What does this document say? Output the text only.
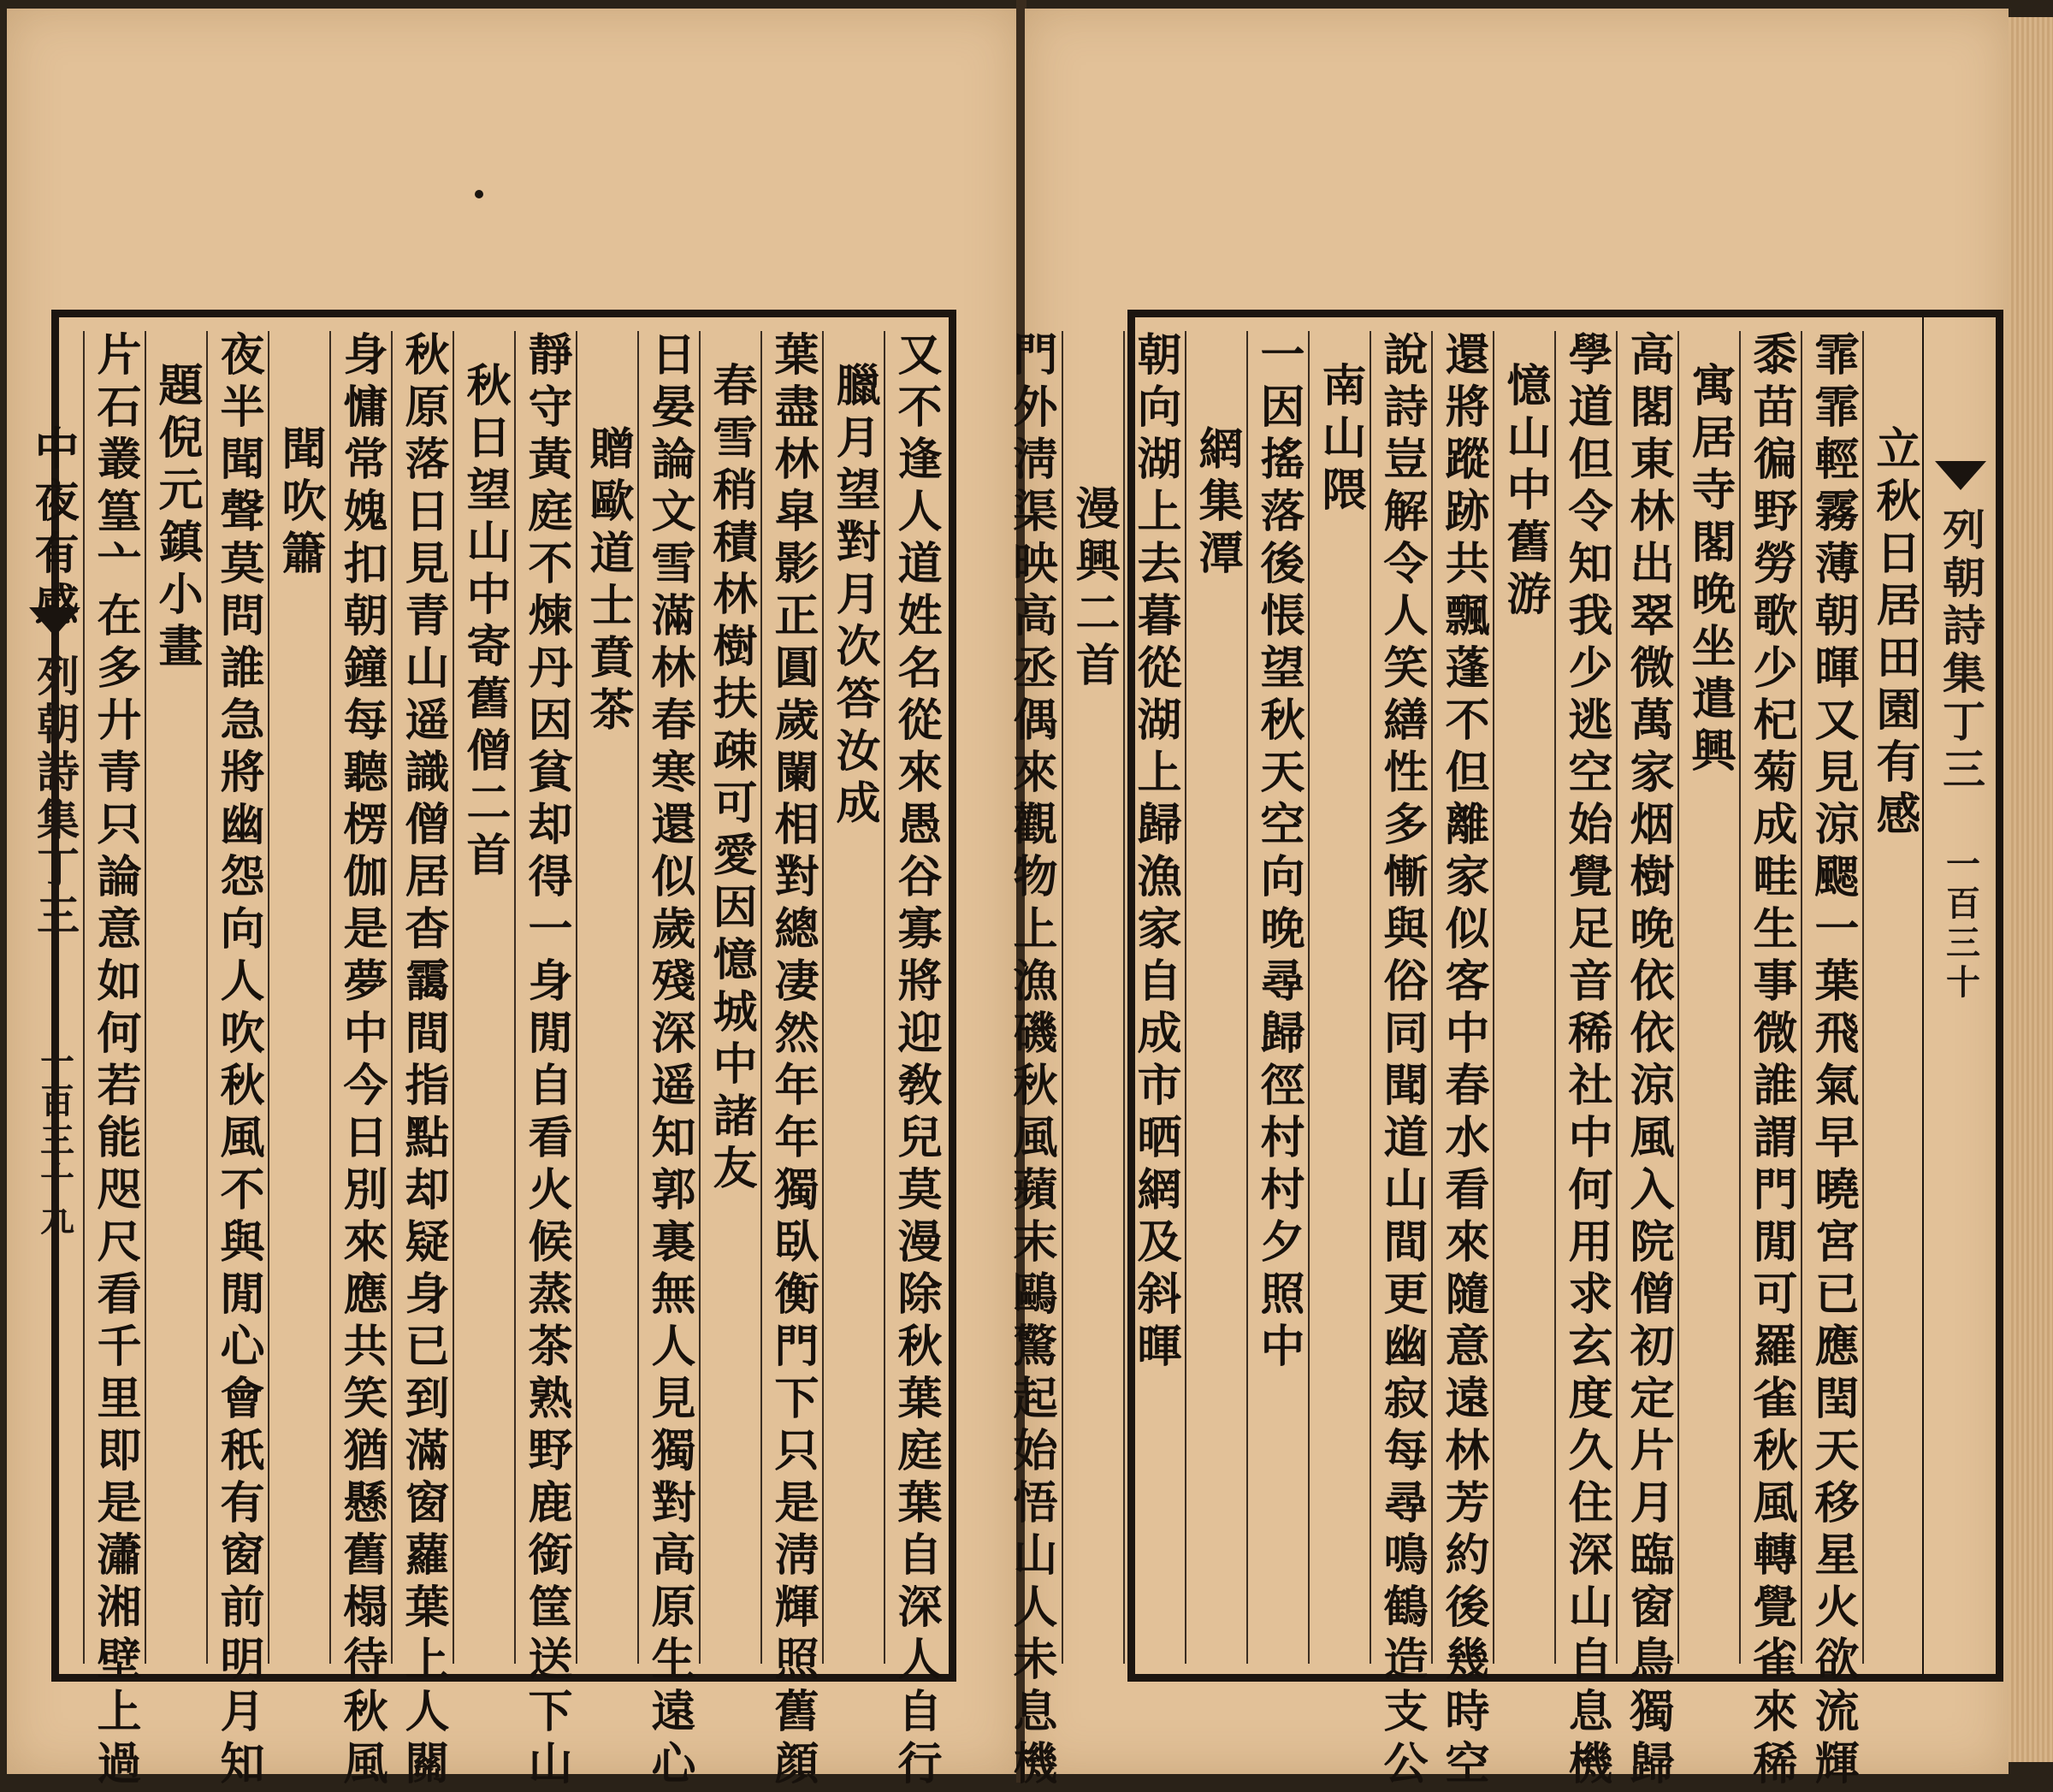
又不逢人道姓名從來愚谷寡將迎敎兒莫漫除秋葉庭葉自深人自行
臘月望對月次答汝成
葉盡林皐影正圓歲闌相對總凄然年年獨臥衡門下只是淸輝照舊顔
春雪稍積林樹扶疎可愛因憶城中諸友
日晏論文雪滿林春寒還似歲殘深遥知郭裏無人見獨對高原生遠心
贈歐道士賁茶
靜守黃庭不煉丹因貧却得一身閒自看火候蒸茶熟野鹿銜筐送下山
秋日望山中寄舊僧二首
秋原落日見青山遥識僧居杳靄間指點却疑身已到滿窗蘿葉上人關
身慵常媿扣朝鐘每聽楞伽是夢中今日別來應共笑猶懸舊榻待秋風
聞吹簫
夜半聞聲莫問誰急將幽怨向人吹秋風不與閒心會秖有窗前明月知
題倪元鎮小畫
片石叢篁亠在多廾青只論意如何若能咫尺看千里即是瀟湘壁上過
中夜有感
列朝詩集丁三
一百三十九
立秋日居田園有感
霏霏輕霧薄朝暉又見涼颸一葉飛氣早曉宮已應閏天移星火欲流輝
黍苗徧野勞歌少杞菊成畦生事微誰謂門閒可羅雀秋風轉覺雀來稀
寓居寺閣晚坐遣興
高閣東林出翠微萬家烟樹晚依依涼風入院僧初定片月臨窗鳥獨歸
學道但令知我少逃空始覺足音稀社中何用求玄度久住深山自息機
憶山中舊游
還將蹤跡共飄蓬不但離家似客中春水看來隨意遠林芳約後幾時空
說詩豈解令人笑繕性多慚與俗同聞道山間更幽寂每尋鳴鶴造支公
南山隈
一因搖落後悵望秋天空向晚尋歸徑村村夕照中
網集潭
朝向湖上去暮從湖上歸漁家自成市晒網及斜暉
漫興二首
門外淸渠映高丞偶來觀物上漁磯秋風蘋末鷗驚起始悟山人未息機	列朝詩集丁三
一百三十
